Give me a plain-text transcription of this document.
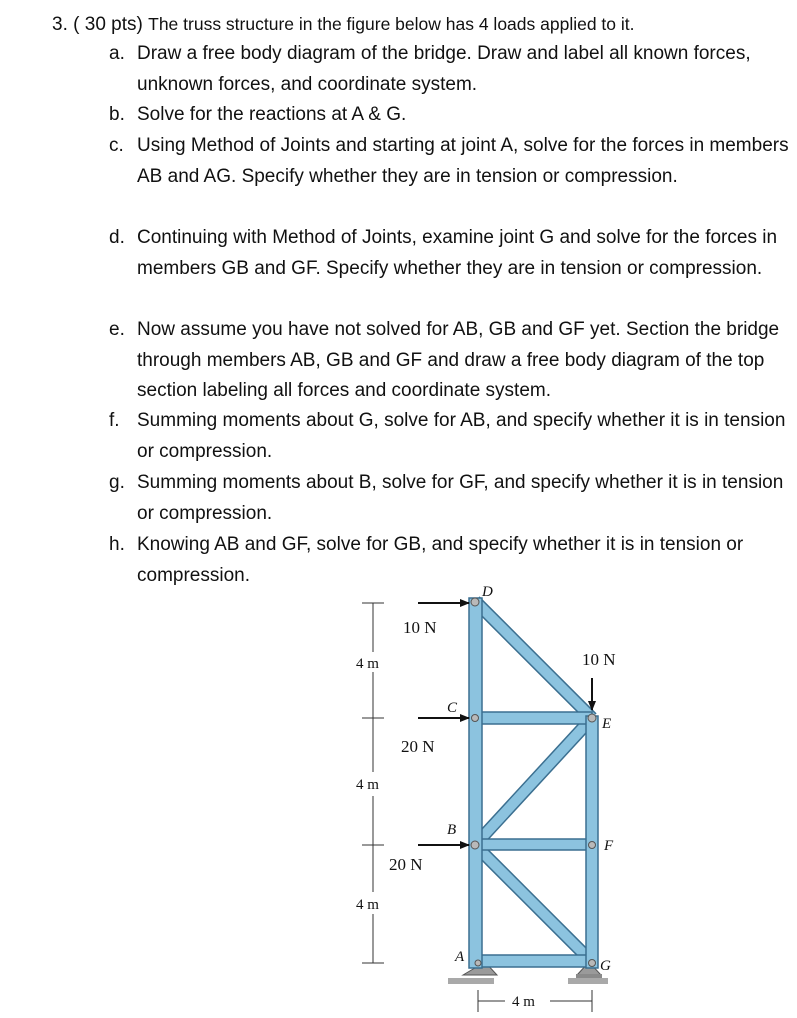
3. ( 30 pts) The truss structure in the figure below has 4 loads applied to it.
a. Draw a free body diagram of the bridge. Draw and label all known forces, unknown forces, and coordinate system.
b. Solve for the reactions at A & G.
c. Using Method of Joints and starting at joint A, solve for the forces in members AB and AG. Specify whether they are in tension or compression.
d. Continuing with Method of Joints, examine joint G and solve for the forces in members GB and GF. Specify whether they are in tension or compression.
e. Now assume you have not solved for AB, GB and GF yet. Section the bridge through members AB, GB and GF and draw a free body diagram of the top section labeling all forces and coordinate system.
f. Summing moments about G, solve for AB, and specify whether it is in tension or compression.
g. Summing moments about B, solve for GF, and specify whether it is in tension or compression.
h. Knowing AB and GF, solve for GB, and specify whether it is in tension or compression.
D
C
E
B
F
A
G
10 N
10 N
20 N
20 N
4 m
4 m
4 m
4 m
